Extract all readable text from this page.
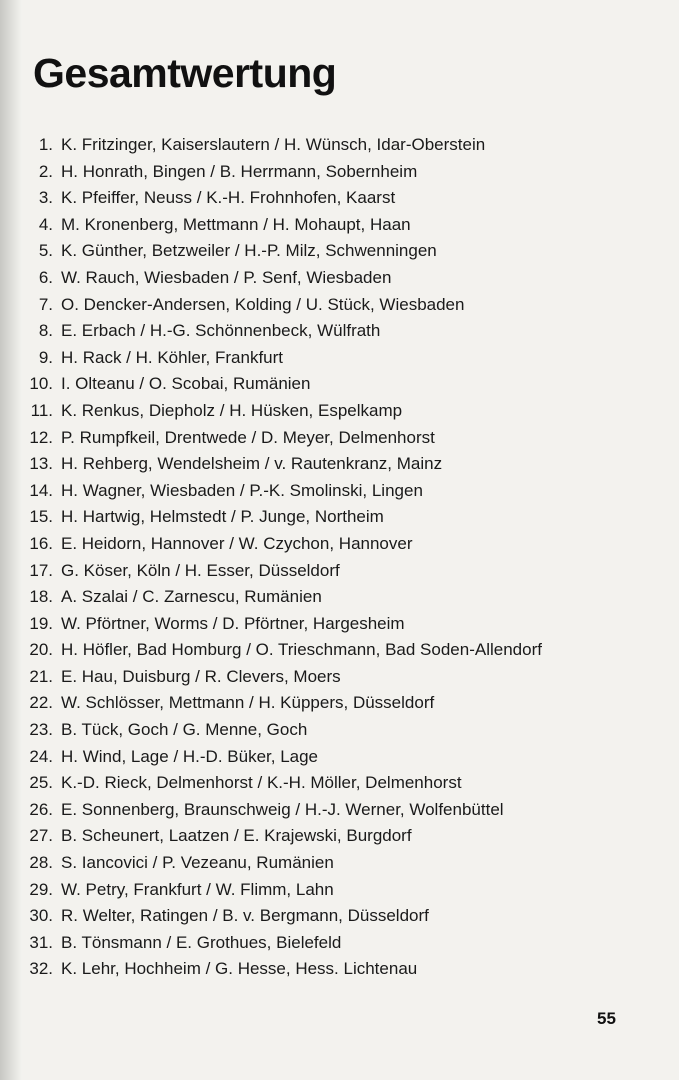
Gesamtwertung
1. K. Fritzinger, Kaiserslautern / H. Wünsch, Idar-Oberstein
2. H. Honrath, Bingen / B. Herrmann, Sobernheim
3. K. Pfeiffer, Neuss / K.-H. Frohnhofen, Kaarst
4. M. Kronenberg, Mettmann / H. Mohaupt, Haan
5. K. Günther, Betzweiler / H.-P. Milz, Schwenningen
6. W. Rauch, Wiesbaden / P. Senf, Wiesbaden
7. O. Dencker-Andersen, Kolding / U. Stück, Wiesbaden
8. E. Erbach / H.-G. Schönnenbeck, Wülfrath
9. H. Rack / H. Köhler, Frankfurt
10. I. Olteanu / O. Scobai, Rumänien
11. K. Renkus, Diepholz / H. Hüsken, Espelkamp
12. P. Rumpfkeil, Drentwede / D. Meyer, Delmenhorst
13. H. Rehberg, Wendelsheim / v. Rautenkranz, Mainz
14. H. Wagner, Wiesbaden / P.-K. Smolinski, Lingen
15. H. Hartwig, Helmstedt / P. Junge, Northeim
16. E. Heidorn, Hannover / W. Czychon, Hannover
17. G. Köser, Köln / H. Esser, Düsseldorf
18. A. Szalai / C. Zarnescu, Rumänien
19. W. Pförtner, Worms / D. Pförtner, Hargesheim
20. H. Höfler, Bad Homburg / O. Trieschmann, Bad Soden-Allendorf
21. E. Hau, Duisburg / R. Clevers, Moers
22. W. Schlösser, Mettmann / H. Küppers, Düsseldorf
23. B. Tück, Goch / G. Menne, Goch
24. H. Wind, Lage / H.-D. Büker, Lage
25. K.-D. Rieck, Delmenhorst / K.-H. Möller, Delmenhorst
26. E. Sonnenberg, Braunschweig / H.-J. Werner, Wolfenbüttel
27. B. Scheunert, Laatzen / E. Krajewski, Burgdorf
28. S. Iancovici / P. Vezeanu, Rumänien
29. W. Petry, Frankfurt / W. Flimm, Lahn
30. R. Welter, Ratingen / B. v. Bergmann, Düsseldorf
31. B. Tönsmann / E. Grothues, Bielefeld
32. K. Lehr, Hochheim / G. Hesse, Hess. Lichtenau
55
